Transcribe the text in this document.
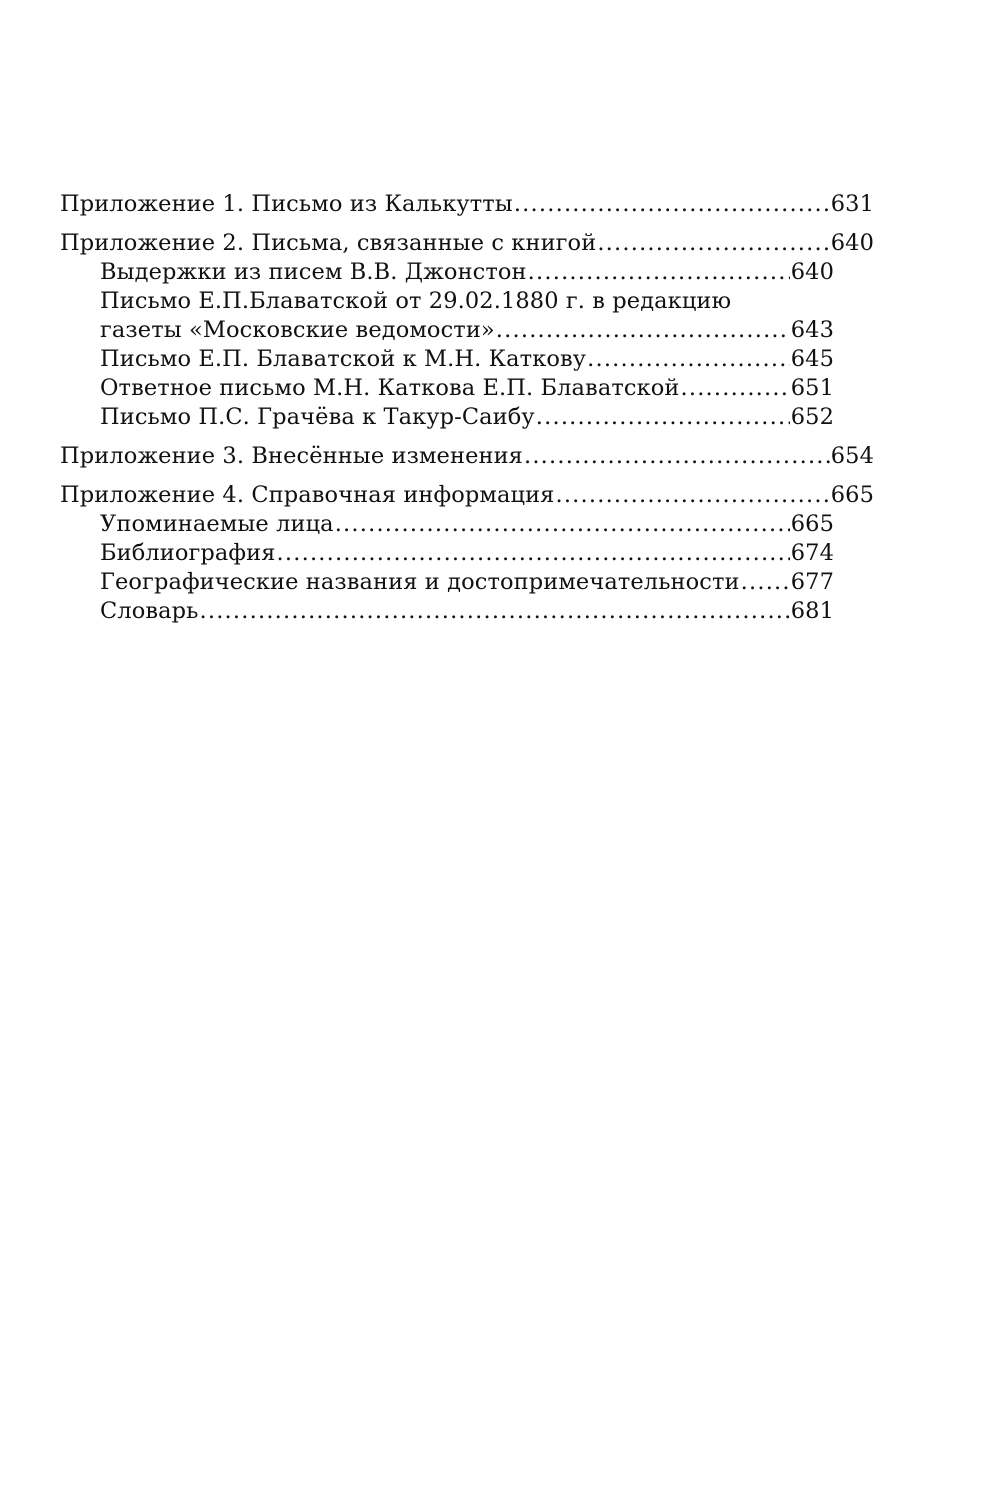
Приложение 1. Письмо из Калькутты .....	631
Приложение 2. Письма, связанные с книгой .....	640
Выдержки из писем В.В. Джонстон .....	640
Письмо Е.П.Блаватской от 29.02.1880 г. в редакцию
газеты «Московские ведомости» .....	643
Письмо Е.П. Блаватской к М.Н. Каткову .....	645
Ответное письмо М.Н. Каткова Е.П. Блаватской .....	651
Письмо П.С. Грачёва к Такур-Саибу .....	652
Приложение 3. Внесённые изменения .....	654
Приложение 4. Справочная информация .....	665
Упоминаемые лица .....	665
Библиография .....	674
Географические названия и достопримечательности ..... 677
Словарь .....	681
